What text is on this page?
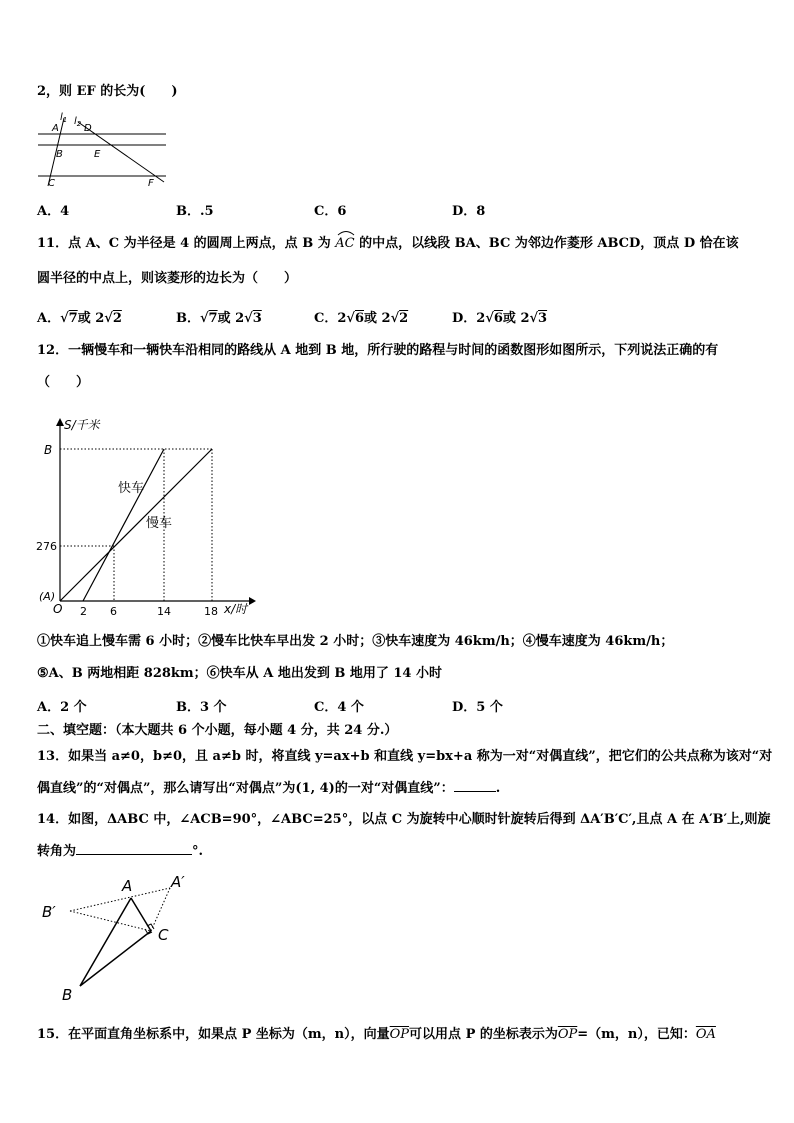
2，则 EF 的长为(　　)
$l_1$ $l_2$
A	D
B	E
C	F
A．4	B．.5	C．6	D．8
11．点 A、C 为半径是 4 的圆周上两点，点 B 为 AC 的中点，以线段 BA、BC 为邻边作菱形 ABCD，顶点 D 恰在该
圆半径的中点上，则该菱形的边长为（　　）
A．√7或 2√2	B．√7或 2√3	C．2√6或 2√2	D．2√6或 2√3
12．一辆慢车和一辆快车沿相同的路线从 A 地到 B 地，所行驶的路程与时间的函数图形如图所示，下列说法正确的有
（　　）
S/千米
B
276
(A)
O 2 6	14	18 x/时
快车
慢车
①快车追上慢车需 6 小时；②慢车比快车早出发 2 小时；③快车速度为 46km/h；④慢车速度为 46km/h；
⑤A、B 两地相距 828km；⑥快车从 A 地出发到 B 地用了 14 小时
A．2 个	B．3 个	C．4 个	D．5 个
二、填空题：（本大题共 6 个小题，每小题 4 分，共 24 分.）
13．如果当 a≠0，b≠0，且 a≠b 时，将直线 y=ax+b 和直线 y=bx+a 称为一对“对偶直线”，把它们的公共点称为该对“对
偶直线”的“对偶点”，那么请写出“对偶点”为(1, 4)的一对“对偶直线”：	.
14．如图，ΔABC 中，∠ACB=90°，∠ABC=25°，以点 C 为旋转中心顺时针旋转后得到 ΔA′B′C′,且点 A 在 A′B′上,则旋
转角为	°.
A	A′
B′
C
B
15．在平面直角坐标系中，如果点 P 坐标为（m，n），向量$\overline{OP}$可以用点 P 的坐标表示为$\overline{OP}=(m$，n），已知：$\overline{OA}$
